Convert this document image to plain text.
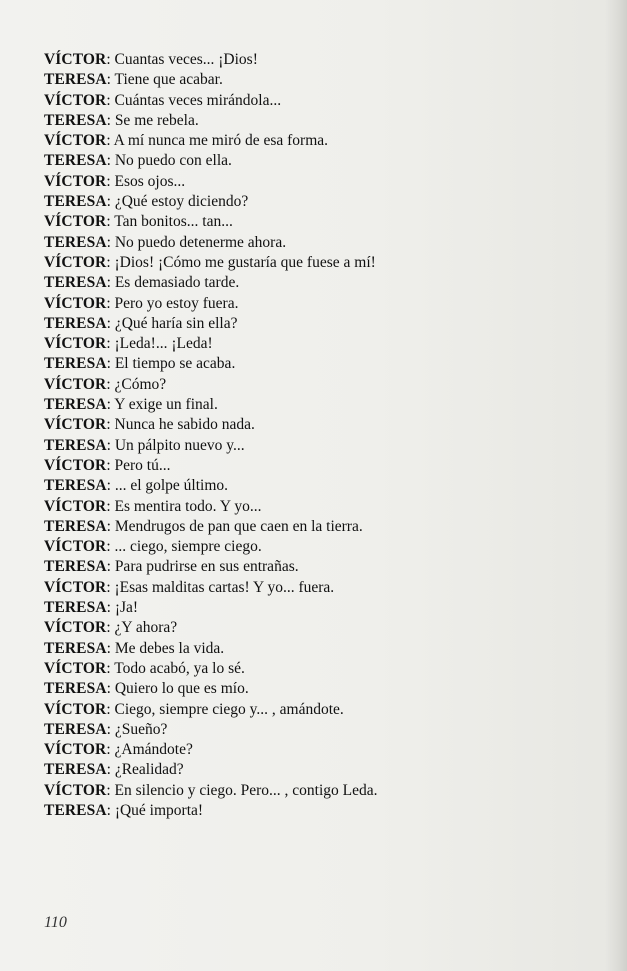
VÍCTOR: Cuantas veces... ¡Dios!
TERESA: Tiene que acabar.
VÍCTOR: Cuántas veces mirándola...
TERESA: Se me rebela.
VÍCTOR: A mí nunca me miró de esa forma.
TERESA: No puedo con ella.
VÍCTOR: Esos ojos...
TERESA: ¿Qué estoy diciendo?
VÍCTOR: Tan bonitos... tan...
TERESA: No puedo detenerme ahora.
VÍCTOR: ¡Dios! ¡Cómo me gustaría que fuese a mí!
TERESA: Es demasiado tarde.
VÍCTOR: Pero yo estoy fuera.
TERESA: ¿Qué haría sin ella?
VÍCTOR: ¡Leda!... ¡Leda!
TERESA: El tiempo se acaba.
VÍCTOR: ¿Cómo?
TERESA: Y exige un final.
VÍCTOR: Nunca he sabido nada.
TERESA: Un pálpito nuevo y...
VÍCTOR: Pero tú...
TERESA: ... el golpe último.
VÍCTOR: Es mentira todo. Y yo...
TERESA: Mendrugos de pan que caen en la tierra.
VÍCTOR: ... ciego, siempre ciego.
TERESA: Para pudrirse en sus entrañas.
VÍCTOR: ¡Esas malditas cartas! Y yo... fuera.
TERESA: ¡Ja!
VÍCTOR: ¿Y ahora?
TERESA: Me debes la vida.
VÍCTOR: Todo acabó, ya lo sé.
TERESA: Quiero lo que es mío.
VÍCTOR: Ciego, siempre ciego y... , amándote.
TERESA: ¿Sueño?
VÍCTOR: ¿Amándote?
TERESA: ¿Realidad?
VÍCTOR: En silencio y ciego. Pero... , contigo Leda.
TERESA: ¡Qué importa!
110
